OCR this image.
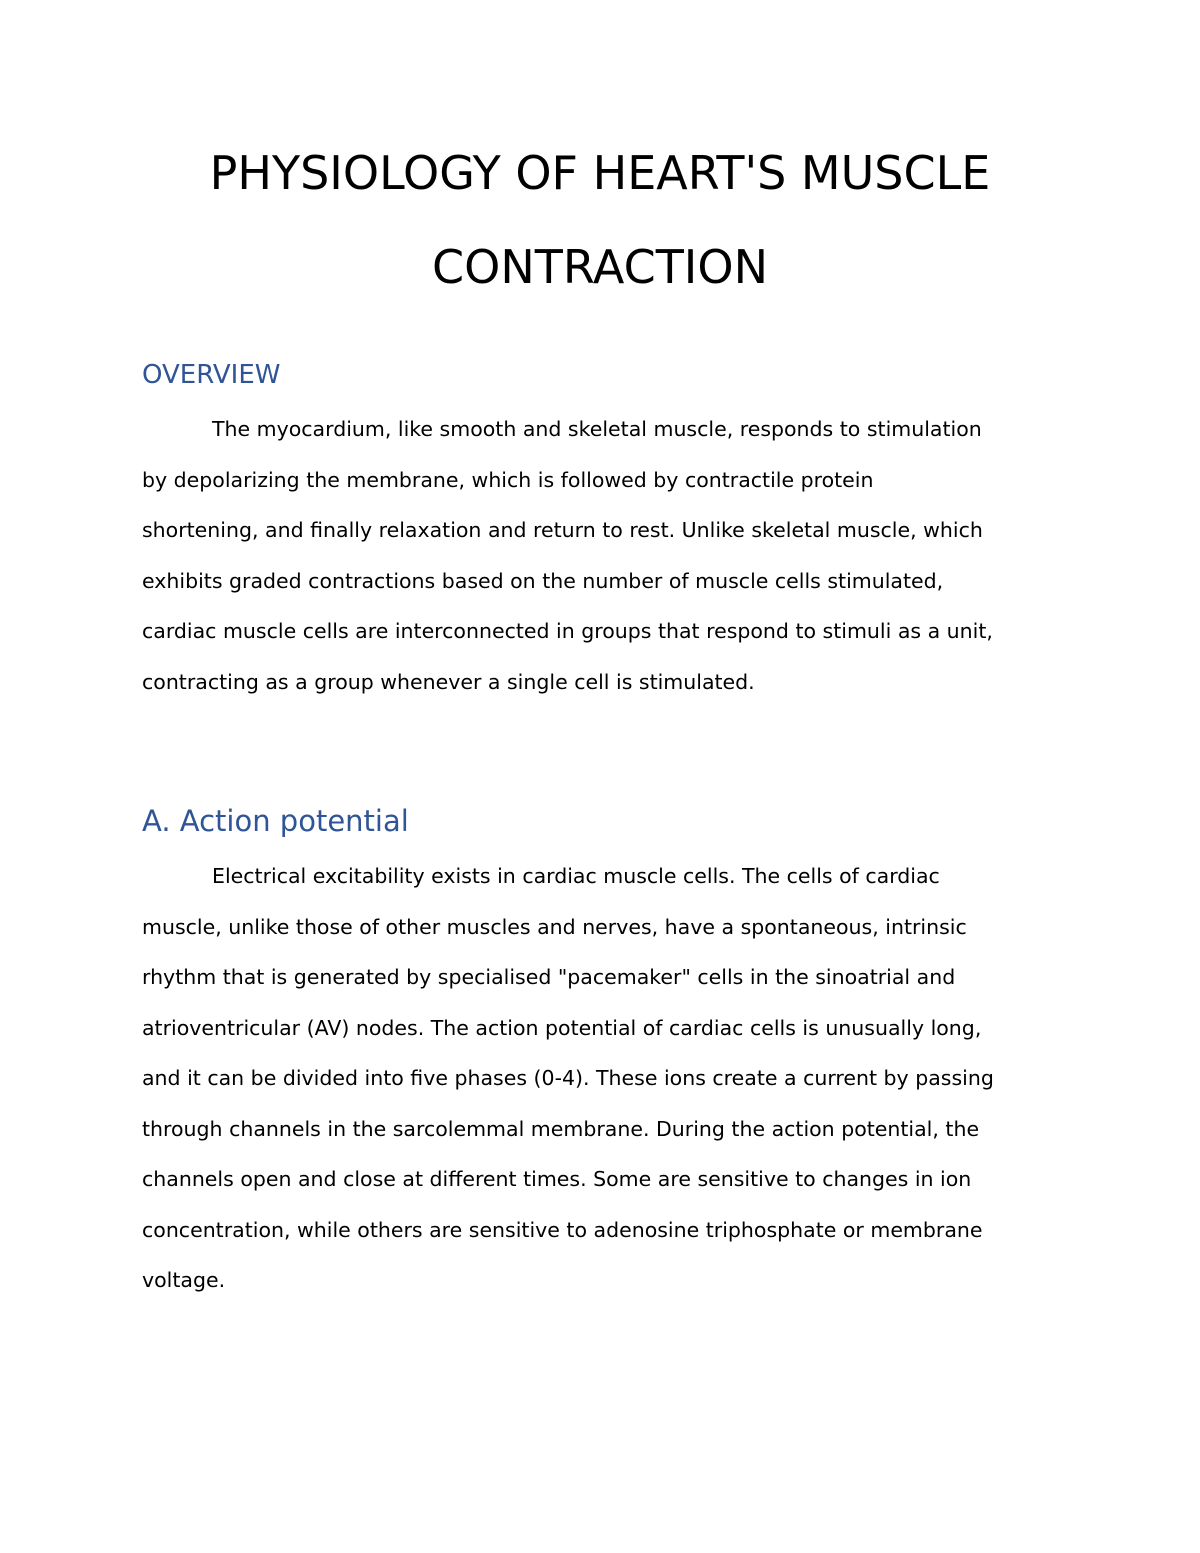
PHYSIOLOGY OF HEART'S MUSCLE
CONTRACTION
OVERVIEW
The myocardium, like smooth and skeletal muscle, responds to stimulation
by depolarizing the membrane, which is followed by contractile protein
shortening, and finally relaxation and return to rest. Unlike skeletal muscle, which
exhibits graded contractions based on the number of muscle cells stimulated,
cardiac muscle cells are interconnected in groups that respond to stimuli as a unit,
contracting as a group whenever a single cell is stimulated.
A. Action potential
Electrical excitability exists in cardiac muscle cells. The cells of cardiac
muscle, unlike those of other muscles and nerves, have a spontaneous, intrinsic
rhythm that is generated by specialised "pacemaker" cells in the sinoatrial and
atrioventricular (AV) nodes. The action potential of cardiac cells is unusually long,
and it can be divided into five phases (0-4). These ions create a current by passing
through channels in the sarcolemmal membrane. During the action potential, the
channels open and close at different times. Some are sensitive to changes in ion
concentration, while others are sensitive to adenosine triphosphate or membrane
voltage.
